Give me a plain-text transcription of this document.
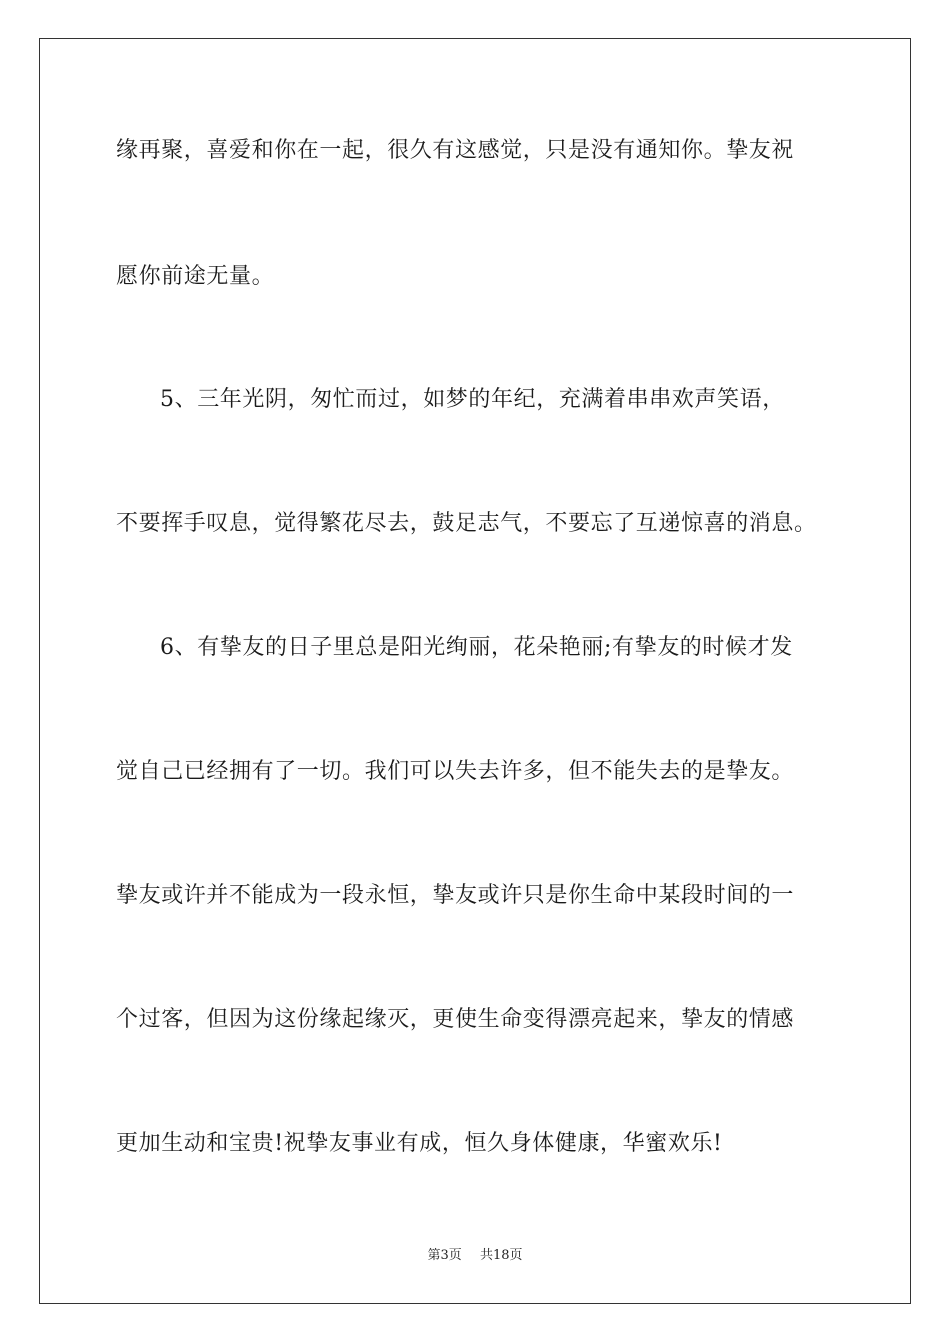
缘再聚，喜爱和你在一起，很久有这感觉，只是没有通知你。挚友祝
愿你前途无量。
5、三年光阴，匆忙而过，如梦的年纪，充满着串串欢声笑语，
不要挥手叹息，觉得繁花尽去，鼓足志气，不要忘了互递惊喜的消息。
6、有挚友的日子里总是阳光绚丽，花朵艳丽;有挚友的时候才发
觉自己已经拥有了一切。我们可以失去许多，但不能失去的是挚友。
挚友或许并不能成为一段永恒，挚友或许只是你生命中某段时间的一
个过客，但因为这份缘起缘灭，更使生命变得漂亮起来，挚友的情感
更加生动和宝贵!祝挚友事业有成，恒久身体健康，华蜜欢乐!
第3页 共18页
